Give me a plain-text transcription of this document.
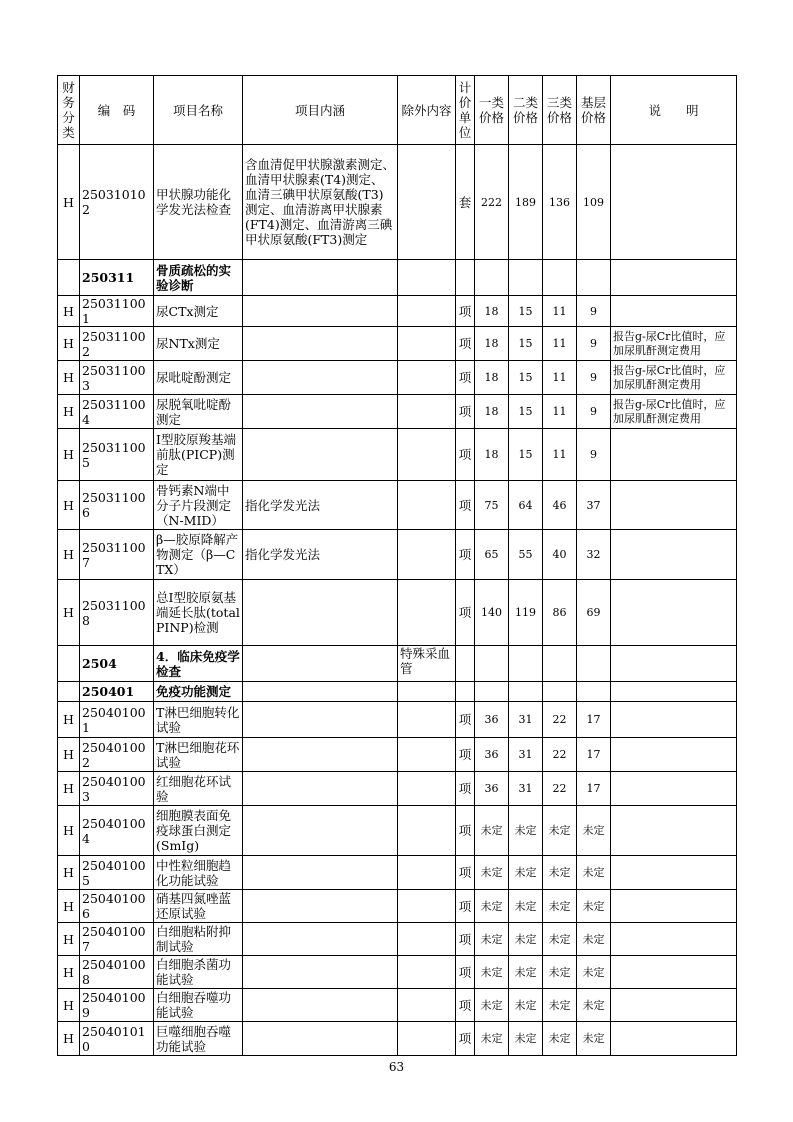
财务分类	编　码	项目名称	项目内涵	除外内容	计价单位	一类价格	二类价格	三类价格	基层价格	说　　明
H	250310102	甲状腺功能化学发光法检查	含血清促甲状腺激素测定、血清甲状腺素(T4)测定、血清三碘甲状原氨酸(T3)测定、血清游离甲状腺素(FT4)测定、血清游离三碘甲状原氨酸(FT3)测定		套	222	189	136	109	
	250311	骨质疏松的实验诊断								
H	250311001	尿CTx测定			项	18	15	11	9	
H	250311002	尿NTx测定			项	18	15	11	9	报告g-尿Cr比值时，应加尿肌酐测定费用
H	250311003	尿吡啶酚测定			项	18	15	11	9	报告g-尿Cr比值时，应加尿肌酐测定费用
H	250311004	尿脱氧吡啶酚测定			项	18	15	11	9	报告g-尿Cr比值时，应加尿肌酐测定费用
H	250311005	I型胶原羧基端前肽(PICP)测定			项	18	15	11	9	
H	250311006	骨钙素N端中分子片段测定（N-MID）	指化学发光法		项	75	64	46	37	
H	250311007	β—胶原降解产物测定（β—CTX）	指化学发光法		项	65	55	40	32	
H	250311008	总I型胶原氨基端延长肽(totalPINP)检测			项	140	119	86	69	
	2504	4．临床免疫学检查		特殊采血管						
	250401	免疫功能测定								
H	250401001	T淋巴细胞转化试验			项	36	31	22	17	
H	250401002	T淋巴细胞花环试验			项	36	31	22	17	
H	250401003	红细胞花环试验			项	36	31	22	17	
H	250401004	细胞膜表面免疫球蛋白测定(SmIg)			项	未定	未定	未定	未定	
H	250401005	中性粒细胞趋化功能试验			项	未定	未定	未定	未定	
H	250401006	硝基四氮唑蓝还原试验			项	未定	未定	未定	未定	
H	250401007	白细胞粘附抑制试验			项	未定	未定	未定	未定	
H	250401008	白细胞杀菌功能试验			项	未定	未定	未定	未定	
H	250401009	白细胞吞噬功能试验			项	未定	未定	未定	未定	
H	250401010	巨噬细胞吞噬功能试验			项	未定	未定	未定	未定	
63
